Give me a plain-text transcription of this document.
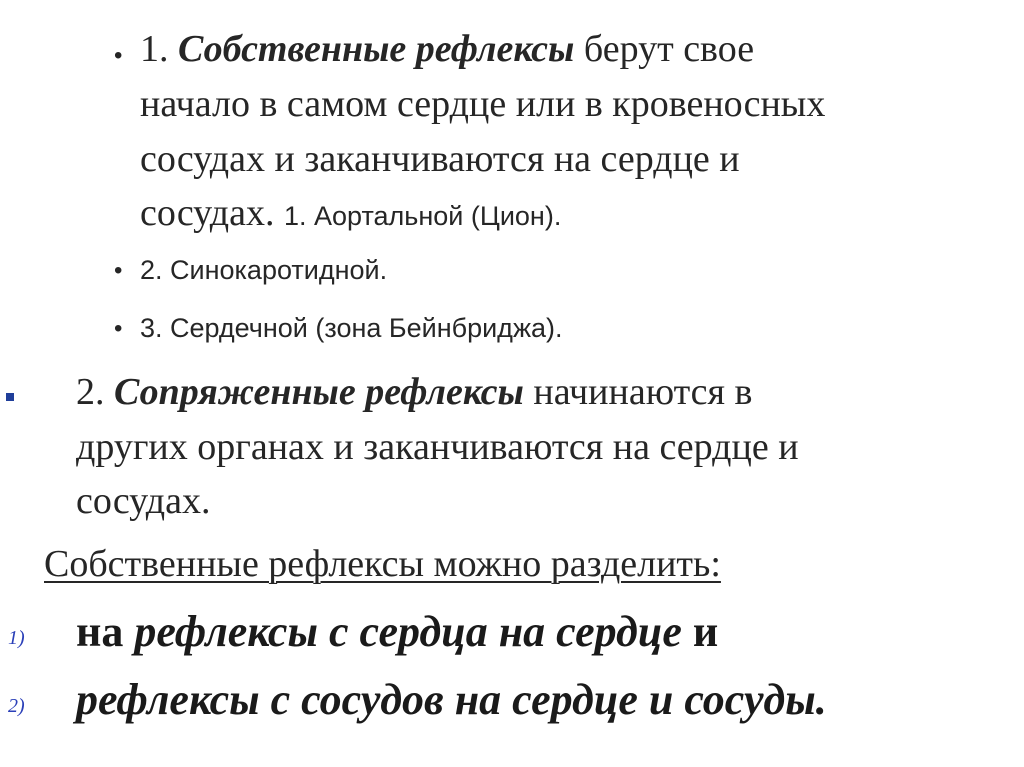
• 1. Собственные рефлексы берут свое
начало в самом сердце или в кровеносных
сосудах и заканчиваются на сердце и
сосудах. 1. Аортальной (Цион).
• 2. Синокаротидной.
• 3. Сердечной (зона Бейнбриджа).
2. Сопряженные рефлексы начинаются в
других органах и заканчиваются на сердце и
сосудах.
Собственные рефлексы можно разделить:
1) на рефлексы с сердца на сердце и
2) рефлексы с сосудов на сердце и сосуды.
